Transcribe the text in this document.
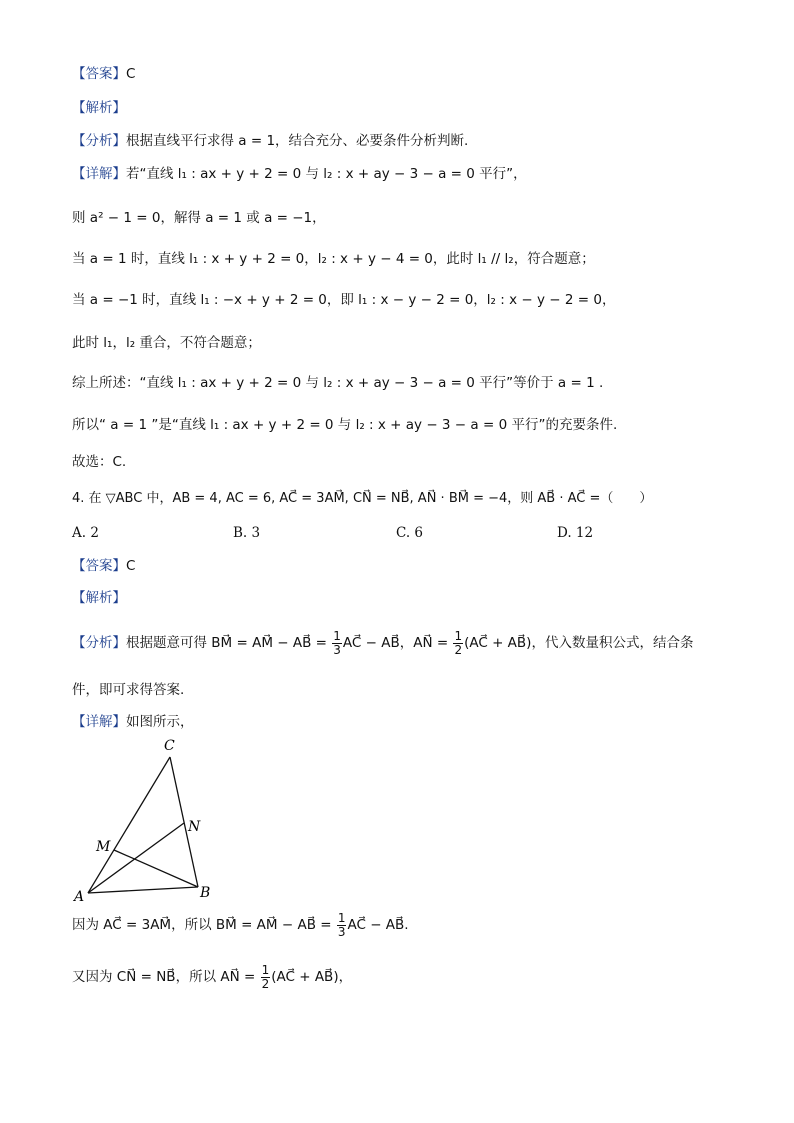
【答案】C
【解析】
【分析】根据直线平行求得 a = 1，结合充分、必要条件分析判断.
【详解】若“直线 l₁ : ax + y + 2 = 0 与 l₂ : x + ay − 3 − a = 0 平行”，
则 a² − 1 = 0，解得 a = 1 或 a = −1，
当 a = 1 时，直线 l₁ : x + y + 2 = 0，l₂ : x + y − 4 = 0，此时 l₁ // l₂，符合题意；
当 a = −1 时，直线 l₁ : −x + y + 2 = 0，即 l₁ : x − y − 2 = 0，l₂ : x − y − 2 = 0，
此时 l₁，l₂ 重合，不符合题意；
综上所述：“直线 l₁ : ax + y + 2 = 0 与 l₂ : x + ay − 3 − a = 0 平行”等价于 a = 1 .
所以“ a = 1 ”是“直线 l₁ : ax + y + 2 = 0 与 l₂ : x + ay − 3 − a = 0 平行”的充要条件.
故选：C.
4. 在 ▽ABC 中，AB = 4, AC = 6, AC⃗ = 3AM⃗, CN⃗ = NB⃗, AN⃗ · BM⃗ = −4，则 AB⃗ · AC⃗ =（　　）
A. 2	B. 3	C. 6	D. 12
【答案】C
【解析】
【分析】根据题意可得 BM⃗ = AM⃗ − AB⃗ = $\frac{1}{3}$ AC⃗ − AB⃗，AN⃗ = $\frac{1}{2}$ (AC⃗ + AB⃗)，代入数量积公式，结合条
件，即可求得答案.
【详解】如图所示，
C
N
M
A	B
因为 AC⃗ = 3AM⃗，所以 BM⃗ = AM⃗ − AB⃗ = $\frac{1}{3}$ AC⃗ − AB⃗.
又因为 CN⃗ = NB⃗，所以 AN⃗ = $\frac{1}{2}$ (AC⃗ + AB⃗)，
